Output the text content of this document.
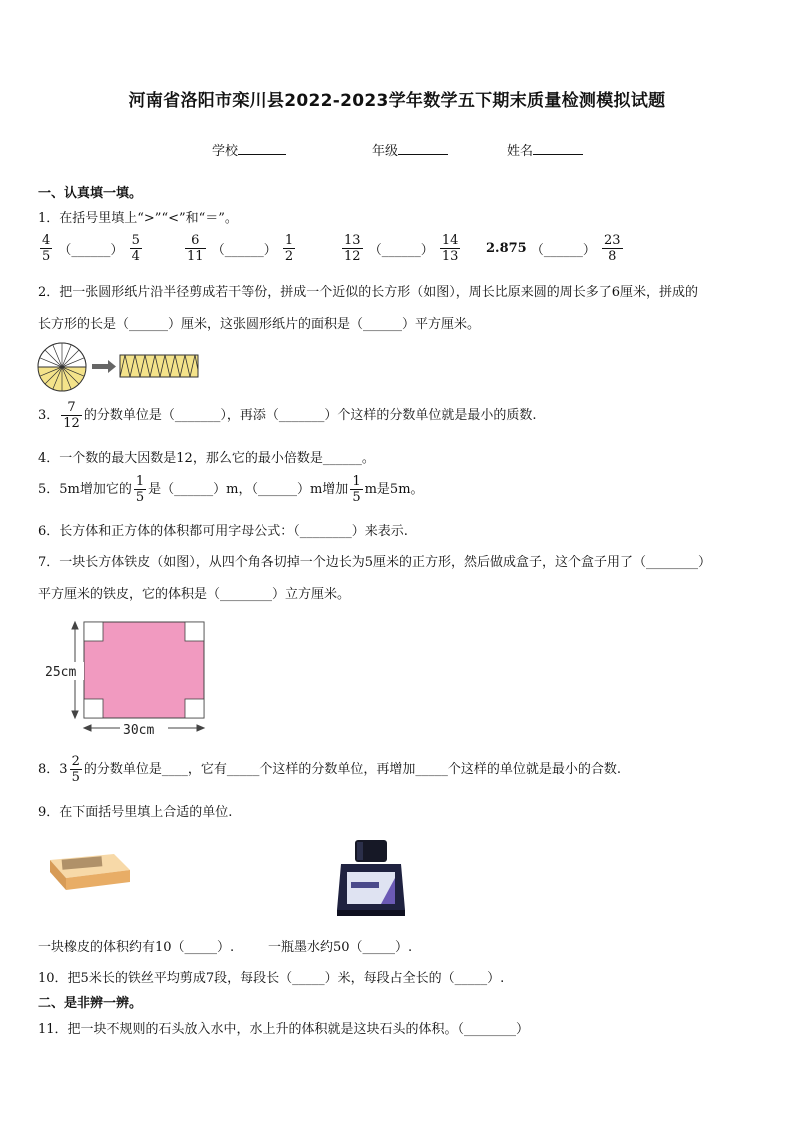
河南省洛阳市栾川县2022-2023学年数学五下期末质量检测模拟试题
学校	年级	姓名
一、认真填一填。
1．在括号里填上“>”“<”和“＝”。
$\frac{4}{5}$ （______） $\frac{5}{4}$	$\frac{6}{11}$ （______） $\frac{1}{2}$	$\frac{13}{12}$ （______） $\frac{14}{13} 2.875$ （______） $\frac{23}{8}$
2．把一张圆形纸片沿半径剪成若干等份，拼成一个近似的长方形（如图），周长比原来圆的周长多了6厘米，拼成的
长方形的长是（______）厘米，这张圆形纸片的面积是（______）平方厘米。
3． $\frac{7}{12}$ 的分数单位是（_______），再添（_______）个这样的分数单位就是最小的质数.
4．一个数的最大因数是12，那么它的最小倍数是______。
5．5m增加它的 $\frac{1}{5}$ 是（______）m，（______）m增加 $\frac{1}{5}$ m是5m。
6．长方体和正方体的体积都可用字母公式：（________）来表示.
7．一块长方体铁皮（如图），从四个角各切掉一个边长为5厘米的正方形，然后做成盒子，这个盒子用了（________）
平方厘米的铁皮，它的体积是（________）立方厘米。
25cm
30cm
8．$3 \frac{2}{5}$ 的分数单位是____，它有_____个这样的分数单位，再增加_____个这样的单位就是最小的合数.
9．在下面括号里填上合适的单位.
一块橡皮的体积约有10（_____）.	一瓶墨水约50（_____）.
10．把5米长的铁丝平均剪成7段，每段长（_____）米，每段占全长的（_____）.
二、是非辨一辨。
11．把一块不规则的石头放入水中，水上升的体积就是这块石头的体积。（________）
